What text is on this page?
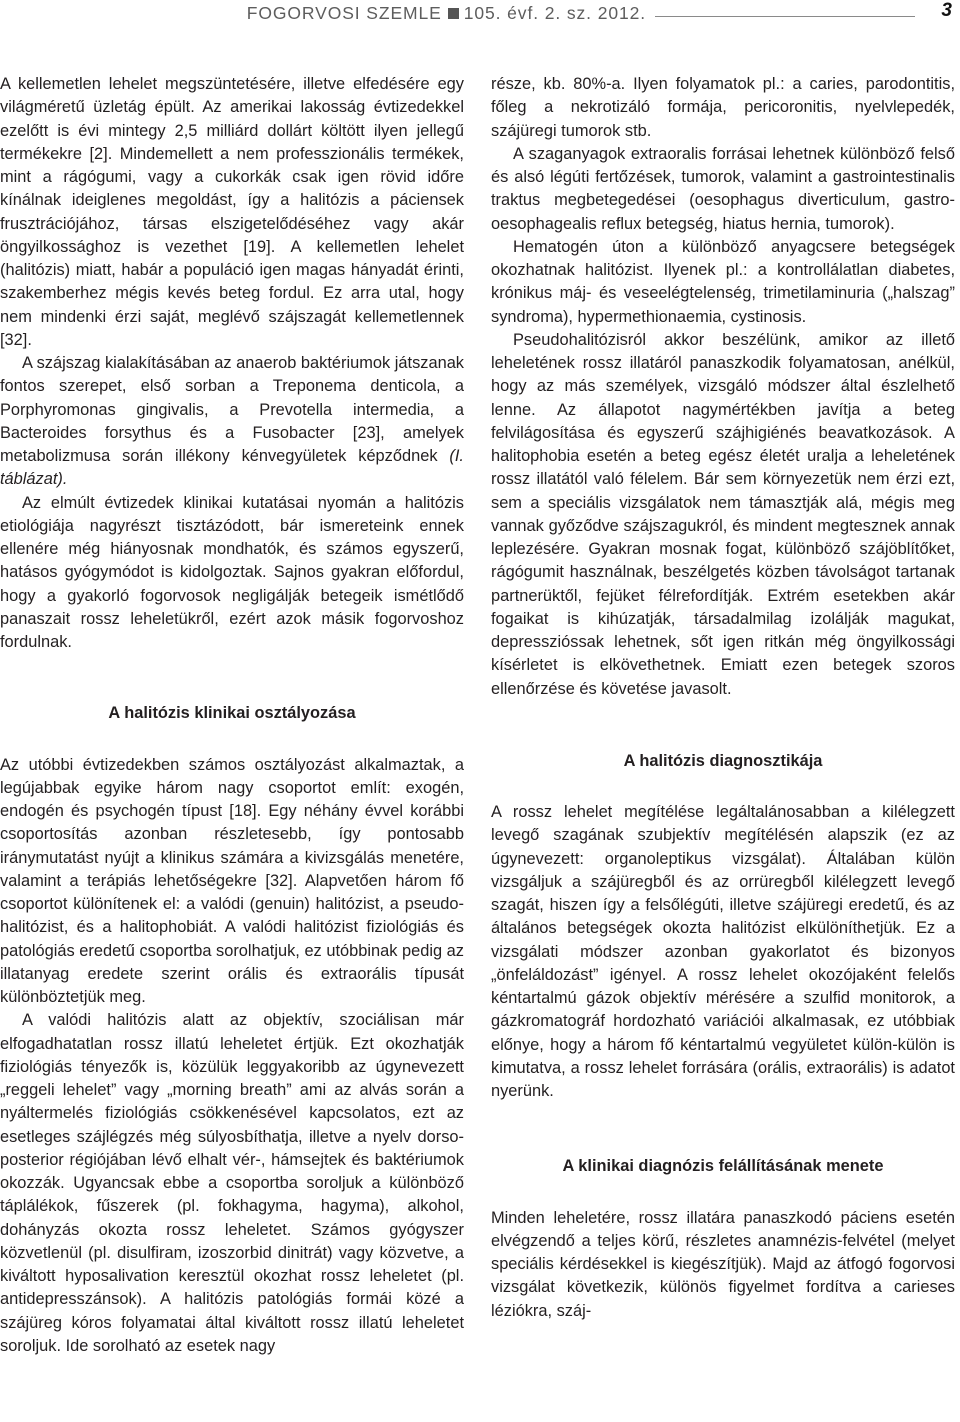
FOGORVOSI SZEMLE 105. évf. 2. sz. 2012.	3

A kellemetlen lehelet megszüntetésére, illetve elfedésére egy világméretű üzletág épült. Az amerikai lakosság évtizedekkel ezelőtt is évi mintegy 2,5 milliárd dollárt költött ilyen jellegű termékekre [2]. Mindemellett a nem professzionális termékek, mint a rágógumi, vagy a cukorkák csak igen rövid időre kínálnak ideiglenes megoldást, így a halitózis a páciensek frusztrációjához, társas elszigetelődéséhez vagy akár öngyilkossághoz is vezethet [19]. A kellemetlen lehelet (halitózis) miatt, habár a populáció igen magas hányadát érinti, szakemberhez mégis kevés beteg fordul. Ez arra utal, hogy nem mindenki érzi saját, meglévő szájszagát kellemetlennek [32].

A szájszag kialakításában az anaerob baktériumok játszanak fontos szerepet, első sorban a Treponema denticola, a Porphyromonas gingivalis, a Prevotella intermedia, a Bacteroides forsythus és a Fusobacter [23], amelyek metabolizmusa során illékony kénvegyületek képződnek (I. táblázat).

Az elmúlt évtizedek klinikai kutatásai nyomán a halitózis etiológiája nagyrészt tisztázódott, bár ismereteink ennek ellenére még hiányosnak mondhatók, és számos egyszerű, hatásos gyógymódot is kidolgoztak. Sajnos gyakran előfordul, hogy a gyakorló fogorvosok negligálják betegeik ismétlődő panaszait rossz leheletükről, ezért azok másik fogorvoshoz fordulnak.

A halitózis klinikai osztályozása

Az utóbbi évtizedekben számos osztályozást alkalmaztak, a legújabbak egyike három nagy csoportot említ: exogén, endogén és psychogén típust [18]. Egy néhány évvel korábbi csoportosítás azonban részletesebb, így pontosabb iránymutatást nyújt a klinikus számára a kivizsgálás menetére, valamint a terápiás lehetőségekre [32]. Alapvetően három fő csoportot különítenek el: a valódi (genuin) halitózist, a pseudo-halitózist, és a halitophobiát. A valódi halitózist fiziológiás és patológiás eredetű csoportba sorolhatjuk, ez utóbbinak pedig az illatanyag eredete szerint orális és extraorális típusát különböztetjük meg.

A valódi halitózis alatt az objektív, szociálisan már elfogadhatatlan rossz illatú leheletet értjük. Ezt okozhatják fiziológiás tényezők is, közülük leggyakoribb az úgynevezett „reggeli lehelet” vagy „morning breath” ami az alvás során a nyáltermelés fiziológiás csökkenésével kapcsolatos, ezt az esetleges szájlégzés még súlyosbíthatja, illetve a nyelv dorso-posterior régiójában lévő elhalt vér-, hámsejtek és baktériumok okozzák. Ugyancsak ebbe a csoportba soroljuk a különböző táplálékok, fűszerek (pl. fokhagyma, hagyma), alkohol, dohányzás okozta rossz leheletet. Számos gyógyszer közvetlenül (pl. disulfiram, izoszorbid dinitrát) vagy közvetve, a kiváltott hyposalivation keresztül okozhat rossz leheletet (pl. antidepresszánsok). A halitózis patológiás formái közé a szájüreg kóros folyamatai által kiváltott rossz illatú leheletet soroljuk. Ide sorolható az esetek nagy

része, kb. 80%-a. Ilyen folyamatok pl.: a caries, parodontitis, főleg a nekrotizáló formája, pericoronitis, nyelvlepedék, szájüregi tumorok stb.

A szaganyagok extraoralis forrásai lehetnek különböző felső és alsó légúti fertőzések, tumorok, valamint a gastrointestinalis traktus megbetegedései (oesophagus diverticulum, gastro-oesophagealis reflux betegség, hiatus hernia, tumorok).

Hematogén úton a különböző anyagcsere betegségek okozhatnak halitózist. Ilyenek pl.: a kontrollálatlan diabetes, krónikus máj- és veseelégtelenség, trimetilaminuria („halszag” syndroma), hypermethionaemia, cystinosis.

Pseudohalitózisról akkor beszélünk, amikor az illető leheletének rossz illatáról panaszkodik folyamatosan, anélkül, hogy az más személyek, vizsgáló módszer által észlelhető lenne. Az állapotot nagymértékben javítja a beteg felvilágosítása és egyszerű szájhigiénés beavatkozások. A halitophobia esetén a beteg egész életét uralja a leheletének rossz illatától való félelem. Bár sem környezetük nem érzi ezt, sem a speciális vizsgálatok nem támasztják alá, mégis meg vannak győződve szájszagukról, és mindent megtesznek annak leplezésére. Gyakran mosnak fogat, különböző szájöblítőket, rágógumit használnak, beszélgetés közben távolságot tartanak partnerüktől, fejüket félrefordítják. Extrém esetekben akár fogaikat is kihúzatják, társadalmilag izolálják magukat, depresszióssak lehetnek, sőt igen ritkán még öngyilkossági kísérletet is elkövethetnek. Emiatt ezen betegek szoros ellenőrzése és követése javasolt.

A halitózis diagnosztikája

A rossz lehelet megítélése legáltalánosabban a kilélegzett levegő szagának szubjektív megítélésén alapszik (ez az úgynevezett: organoleptikus vizsgálat). Általában külön vizsgáljuk a szájüregből és az orrüregből kilélegzett levegő szagát, hiszen így a felsőlégúti, illetve szájüregi eredetű, és az általános betegségek okozta halitózist elkülöníthetjük. Ez a vizsgálati módszer azonban gyakorlatot és bizonyos „önfeláldozást” igényel. A rossz lehelet okozójaként felelős kéntartalmú gázok objektív mérésére a szulfid monitorok, a gázkromatográf hordozható variációi alkalmasak, ez utóbbiak előnye, hogy a három fő kéntartalmú vegyületet külön-külön is kimutatva, a rossz lehelet forrására (orális, extraorális) is adatot nyerünk.

A klinikai diagnózis felállításának menete

Minden leheletére, rossz illatára panaszkodó páciens esetén elvégzendő a teljes körű, részletes anamnézis-felvétel (melyet speciális kérdésekkel is kiegészítjük). Majd az átfogó fogorvosi vizsgálat következik, különös figyelmet fordítva a carieses léziókra, száj-
